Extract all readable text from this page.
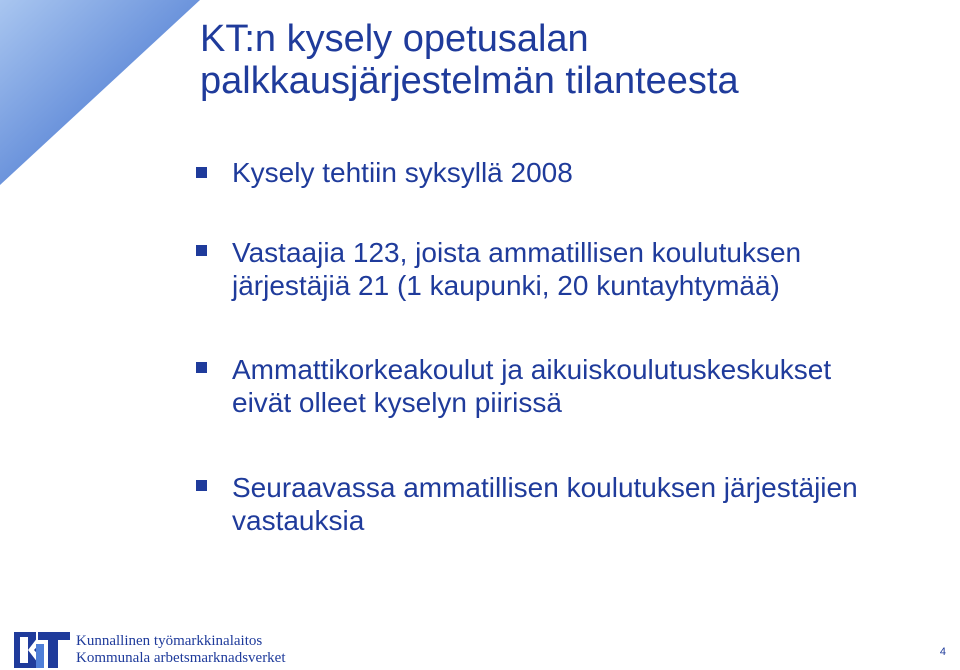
KT:n kysely opetusalan
palkkausjärjestelmän tilanteesta
Kysely tehtiin syksyllä 2008
Vastaajia 123, joista ammatillisen koulutuksen
järjestäjiä 21 (1 kaupunki, 20 kuntayhtymää)
Ammattikorkeakoulut ja aikuiskoulutuskeskukset
eivät olleet kyselyn piirissä
Seuraavassa ammatillisen koulutuksen järjestäjien
vastauksia
Kunnallinen työmarkkinalaitos
Kommunala arbetsmarknadsverket	4
